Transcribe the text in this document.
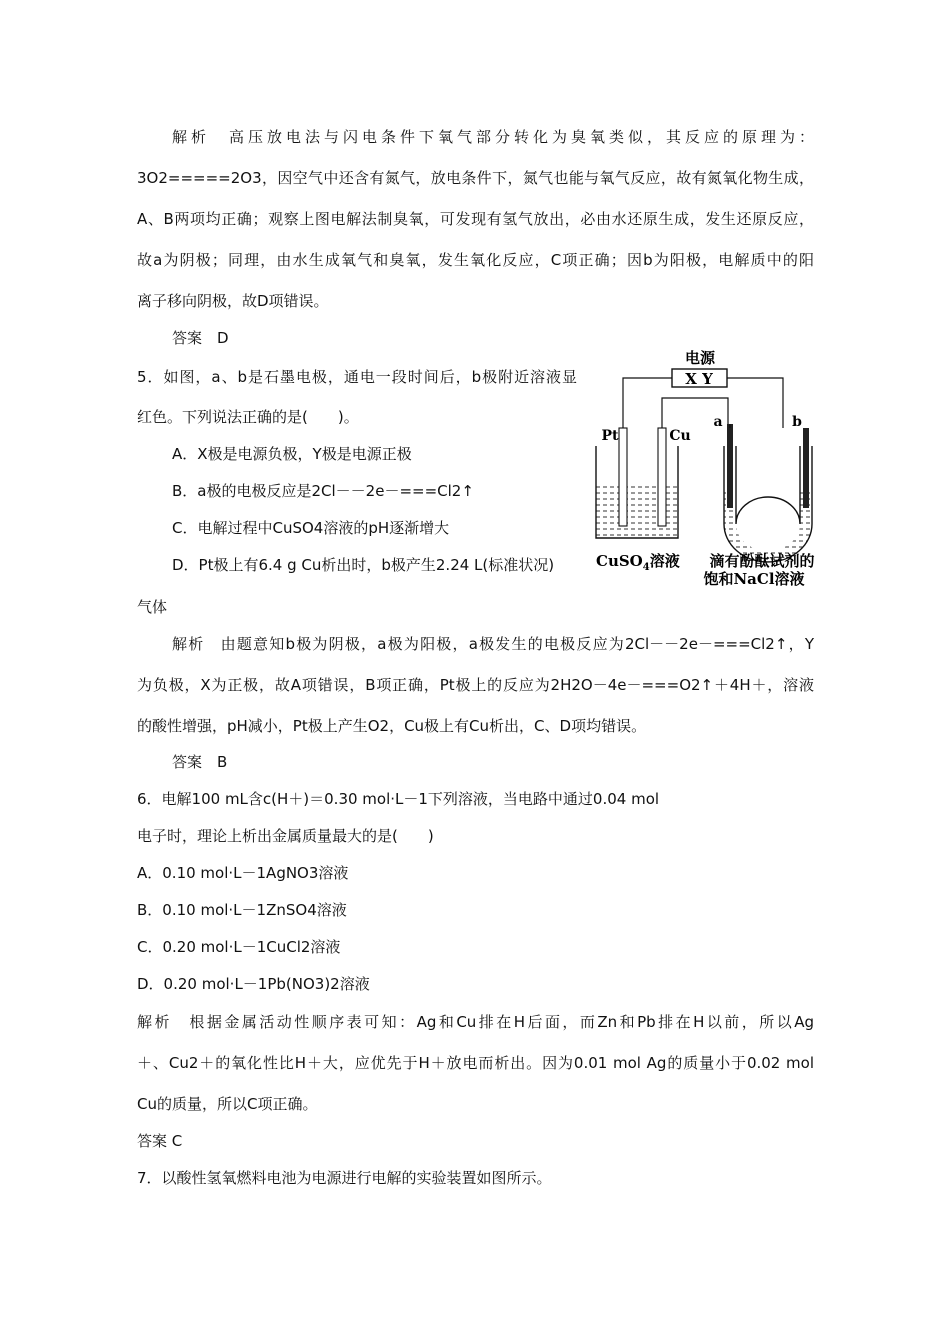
解析　高压放电法与闪电条件下氧气部分转化为臭氧类似，其反应的原理为：
3O2=====2O3，因空气中还含有氮气，放电条件下，氮气也能与氧气反应，故有氮氧化物生成，
A、B两项均正确；观察上图电解法制臭氧，可发现有氢气放出，必由水还原生成，发生还原反应，
故a为阴极；同理，由水生成氧气和臭氧，发生氧化反应，C项正确；因b为阳极，电解质中的阳
离子移向阴极，故D项错误。
答案　D
5．如图，a、b是石墨电极，通电一段时间后，b极附近溶液显
红色。下列说法正确的是(　　)。
A．X极是电源负极，Y极是电源正极
B．a极的电极反应是2Cl－－2e－===Cl2↑
C．电解过程中CuSO4溶液的pH逐渐增大
D．Pt极上有6.4 g Cu析出时，b极产生2.24 L(标准状况)
气体
解析　由题意知b极为阴极，a极为阳极，a极发生的电极反应为2Cl－－2e－===Cl2↑，Y
为负极，X为正极，故A项错误，B项正确，Pt极上的反应为2H2O－4e－===O2↑＋4H＋，溶液
的酸性增强，pH减小，Pt极上产生O2，Cu极上有Cu析出，C、D项均错误。
答案　B
电源
X Y
Pt	Cu
a	b
CuSO$_4$溶液 滴有酚酞试剂的
饱和NaCl溶液
6．电解100 mL含c(H＋)＝0.30 mol·L－1下列溶液，当电路中通过0.04 mol
电子时，理论上析出金属质量最大的是(　　)
A．0.10 mol·L－1AgNO3溶液
B．0.10 mol·L－1ZnSO4溶液
C．0.20 mol·L－1CuCl2溶液
D．0.20 mol·L－1Pb(NO3)2溶液
解析　根据金属活动性顺序表可知：Ag和Cu排在H后面，而Zn和Pb排在H以前，所以Ag
＋、Cu2＋的氧化性比H＋大，应优先于H＋放电而析出。因为0.01 mol Ag的质量小于0.02 mol
Cu的质量，所以C项正确。
答案 C
7．以酸性氢氧燃料电池为电源进行电解的实验装置如图所示。
